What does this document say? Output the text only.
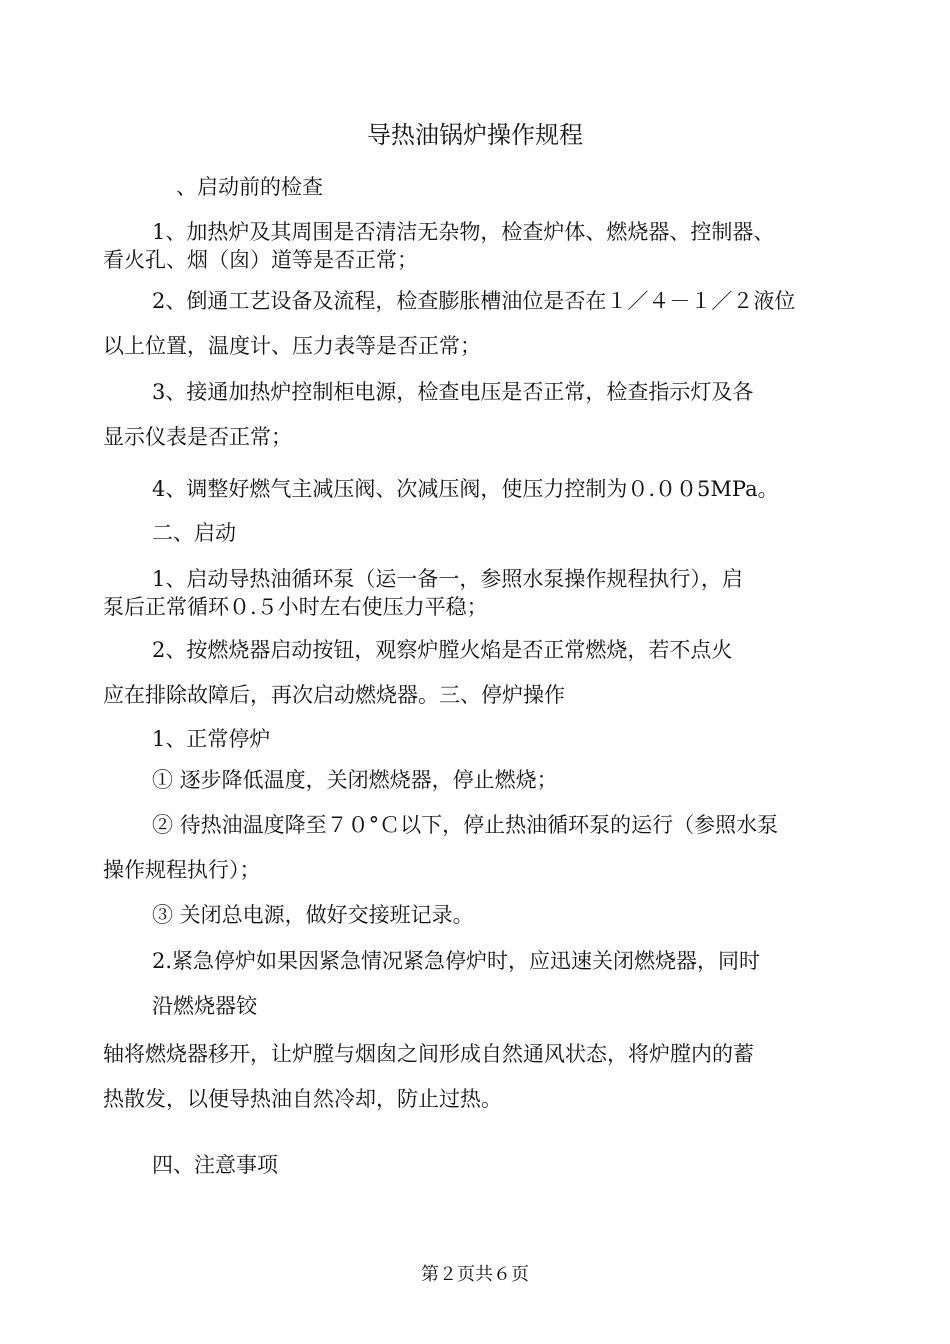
导热油锅炉操作规程
、启动前的检查
1、加热炉及其周围是否清洁无杂物，检查炉体、燃烧器、控制器、
看火孔、烟（囱）道等是否正常；
2、倒通工艺设备及流程，检查膨胀槽油位是否在１／４－１／２液位
以上位置，温度计、压力表等是否正常；
3、接通加热炉控制柜电源，检查电压是否正常，检查指示灯及各
显示仪表是否正常；
4、调整好燃气主减压阀、次减压阀，使压力控制为０.００5MPa。
二、启动
1、启动导热油循环泵（运一备一，参照水泵操作规程执行），启
泵后正常循环０.５小时左右使压力平稳；
2、按燃烧器启动按钮，观察炉膛火焰是否正常燃烧，若不点火
应在排除故障后，再次启动燃烧器。三、停炉操作
1、正常停炉
① 逐步降低温度，关闭燃烧器，停止燃烧；
② 待热油温度降至７０°Ｃ以下，停止热油循环泵的运行（参照水泵
操作规程执行）；
③ 关闭总电源，做好交接班记录。
2.紧急停炉如果因紧急情况紧急停炉时，应迅速关闭燃烧器，同时
沿燃烧器铰
轴将燃烧器移开，让炉膛与烟囱之间形成自然通风状态，将炉膛内的蓄
热散发，以便导热油自然冷却，防止过热。
四、注意事项
第２页共６页
